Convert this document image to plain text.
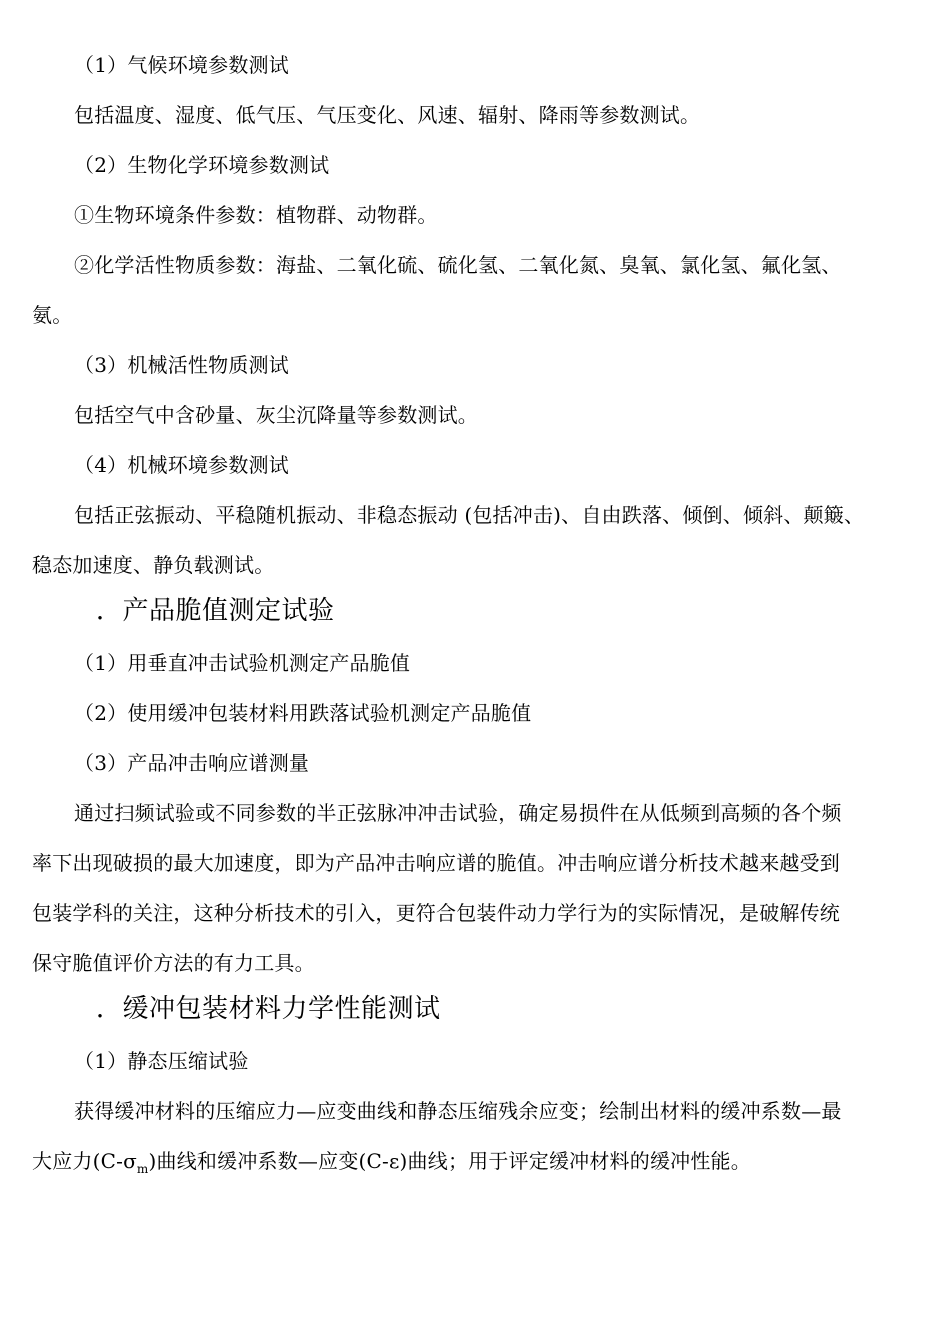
（1）气候环境参数测试
包括温度、湿度、低气压、气压变化、风速、辐射、降雨等参数测试。
（2）生物化学环境参数测试
①生物环境条件参数：植物群、动物群。
②化学活性物质参数：海盐、二氧化硫、硫化氢、二氧化氮、臭氧、氯化氢、氟化氢、
氨。
（3）机械活性物质测试
包括空气中含砂量、灰尘沉降量等参数测试。
（4）机械环境参数测试
包括正弦振动、平稳随机振动、非稳态振动 (包括冲击)、自由跌落、倾倒、倾斜、颠簸、
稳态加速度、静负载测试。
．产品脆值测定试验
（1）用垂直冲击试验机测定产品脆值
（2）使用缓冲包装材料用跌落试验机测定产品脆值
（3）产品冲击响应谱测量
通过扫频试验或不同参数的半正弦脉冲冲击试验，确定易损件在从低频到高频的各个频
率下出现破损的最大加速度，即为产品冲击响应谱的脆值。冲击响应谱分析技术越来越受到
包装学科的关注，这种分析技术的引入，更符合包装件动力学行为的实际情况，是破解传统
保守脆值评价方法的有力工具。
．缓冲包装材料力学性能测试
（1）静态压缩试验
获得缓冲材料的压缩应力—应变曲线和静态压缩残余应变；绘制出材料的缓冲系数—最
大应力$(C-\sigma_m)$曲线和缓冲系数—应变(C-ε)曲线；用于评定缓冲材料的缓冲性能。
